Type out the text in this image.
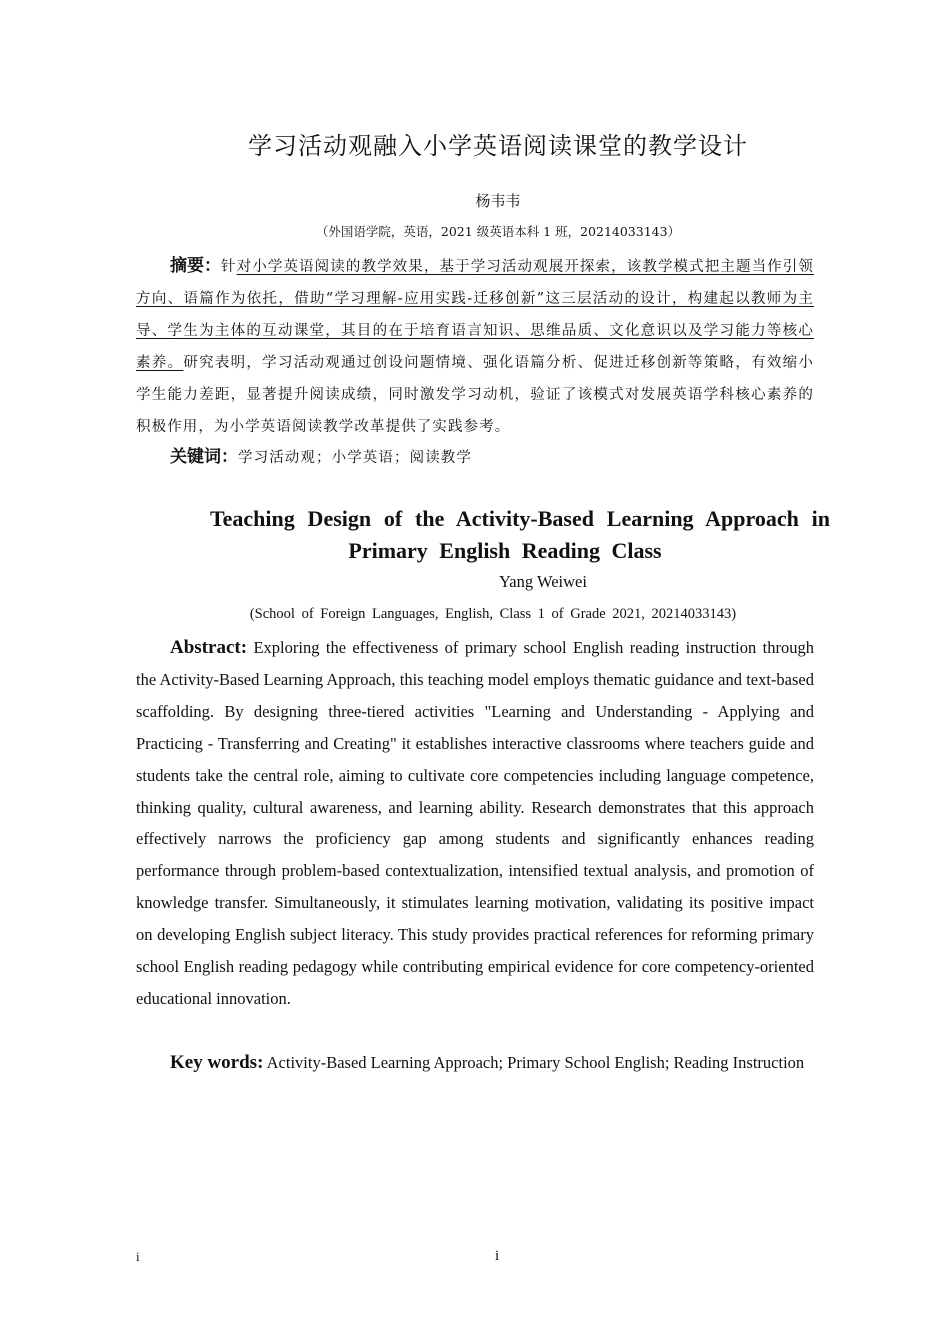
学习活动观融入小学英语阅读课堂的教学设计
杨韦韦
（外国语学院，英语，2021 级英语本科 1 班，20214033143）
摘要：针对小学英语阅读的教学效果，基于学习活动观展开探索，该教学模式把主题当作引领方向、语篇作为依托，借助“学习理解-应用实践-迁移创新”这三层活动的设计，构建起以教师为主导、学生为主体的互动课堂，其目的在于培育语言知识、思维品质、文化意识以及学习能力等核心素养。研究表明，学习活动观通过创设问题情境、强化语篇分析、促进迁移创新等策略，有效缩小学生能力差距，显著提升阅读成绩，同时激发学习动机，验证了该模式对发展英语学科核心素养的积极作用，为小学英语阅读教学改革提供了实践参考。
关键词：学习活动观；小学英语；阅读教学
Teaching Design of the Activity-Based Learning Approach in
Primary English Reading Class
Yang Weiwei
(School of Foreign Languages, English, Class 1 of Grade 2021, 20214033143)
Abstract: Exploring the effectiveness of primary school English reading instruction through the Activity-Based Learning Approach, this teaching model employs thematic guidance and text-based scaffolding. By designing three-tiered activities "Learning and Understanding - Applying and Practicing - Transferring and Creating" it establishes interactive classrooms where teachers guide and students take the central role, aiming to cultivate core competencies including language competence, thinking quality, cultural awareness, and learning ability. Research demonstrates that this approach effectively narrows the proficiency gap among students and significantly enhances reading performance through problem-based contextualization, intensified textual analysis, and promotion of knowledge transfer. Simultaneously, it stimulates learning motivation, validating its positive impact on developing English subject literacy. This study provides practical references for reforming primary school English reading pedagogy while contributing empirical evidence for core competency-oriented educational innovation.
Key words: Activity-Based Learning Approach; Primary School English; Reading Instruction
i	i
